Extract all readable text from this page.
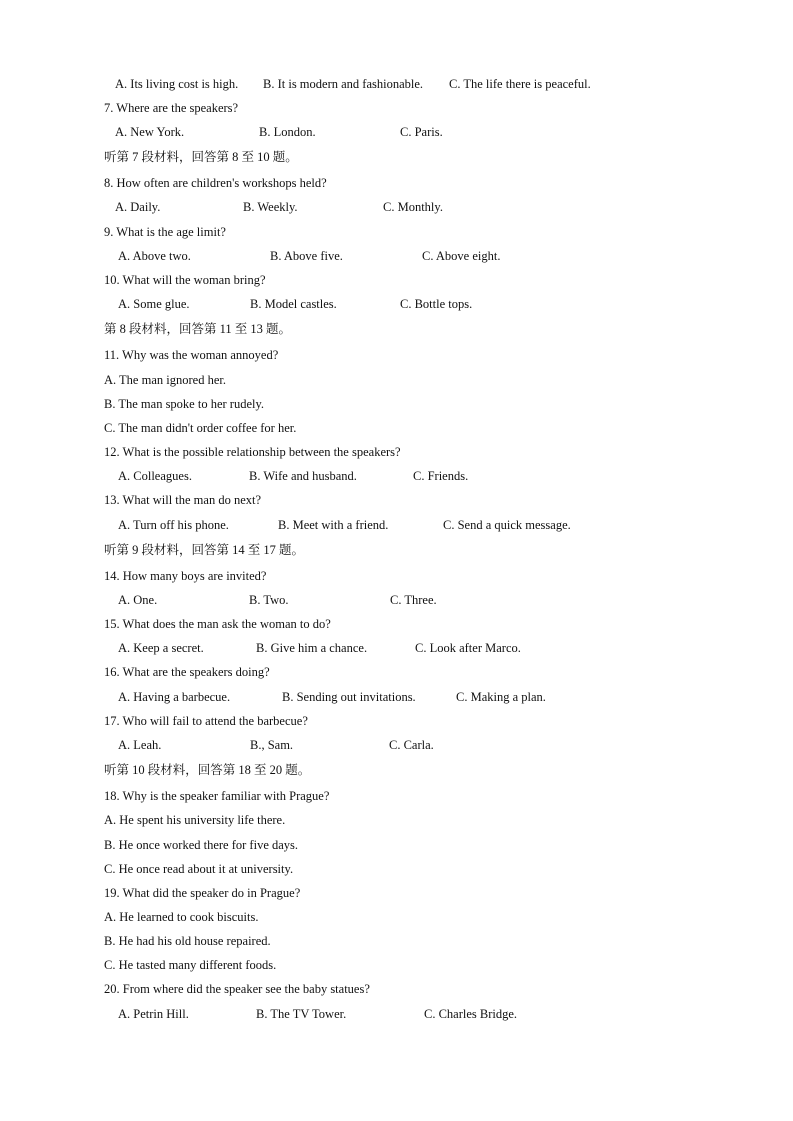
A. Its living cost is high. B. It is modern and fashionable. C. The life there is peaceful.
7. Where are the speakers?
A. New York.	B. London.	C. Paris.
听第 7 段材料，回答第 8 至 10 题。
8. How often are children's workshops held?
A. Daily.	B. Weekly.	C. Monthly.
9. What is the age limit?
A. Above two.	B. Above five.	C. Above eight.
10. What will the woman bring?
A. Some glue.	B. Model castles.	C. Bottle tops.
第 8 段材料，回答第 11 至 13 题。
11. Why was the woman annoyed?
A. The man ignored her.
B. The man spoke to her rudely.
C. The man didn't order coffee for her.
12. What is the possible relationship between the speakers?
A. Colleagues.	B. Wife and husband.	C. Friends.
13. What will the man do next?
A. Turn off his phone.	B. Meet with a friend.	C. Send a quick message.
听第 9 段材料，回答第 14 至 17 题。
14. How many boys are invited?
A. One.	B. Two.	C. Three.
15. What does the man ask the woman to do?
A. Keep a secret.	B. Give him a chance.	C. Look after Marco.
16. What are the speakers doing?
A. Having a barbecue.	B. Sending out invitations.	C. Making a plan.
17. Who will fail to attend the barbecue?
A. Leah.	B., Sam.	C. Carla.
听第 10 段材料，回答第 18 至 20 题。
18. Why is the speaker familiar with Prague?
A. He spent his university life there.
B. He once worked there for five days.
C. He once read about it at university.
19. What did the speaker do in Prague?
A. He learned to cook biscuits.
B. He had his old house repaired.
C. He tasted many different foods.
20. From where did the speaker see the baby statues?
A. Petrin Hill.	B. The TV Tower.	C. Charles Bridge.
